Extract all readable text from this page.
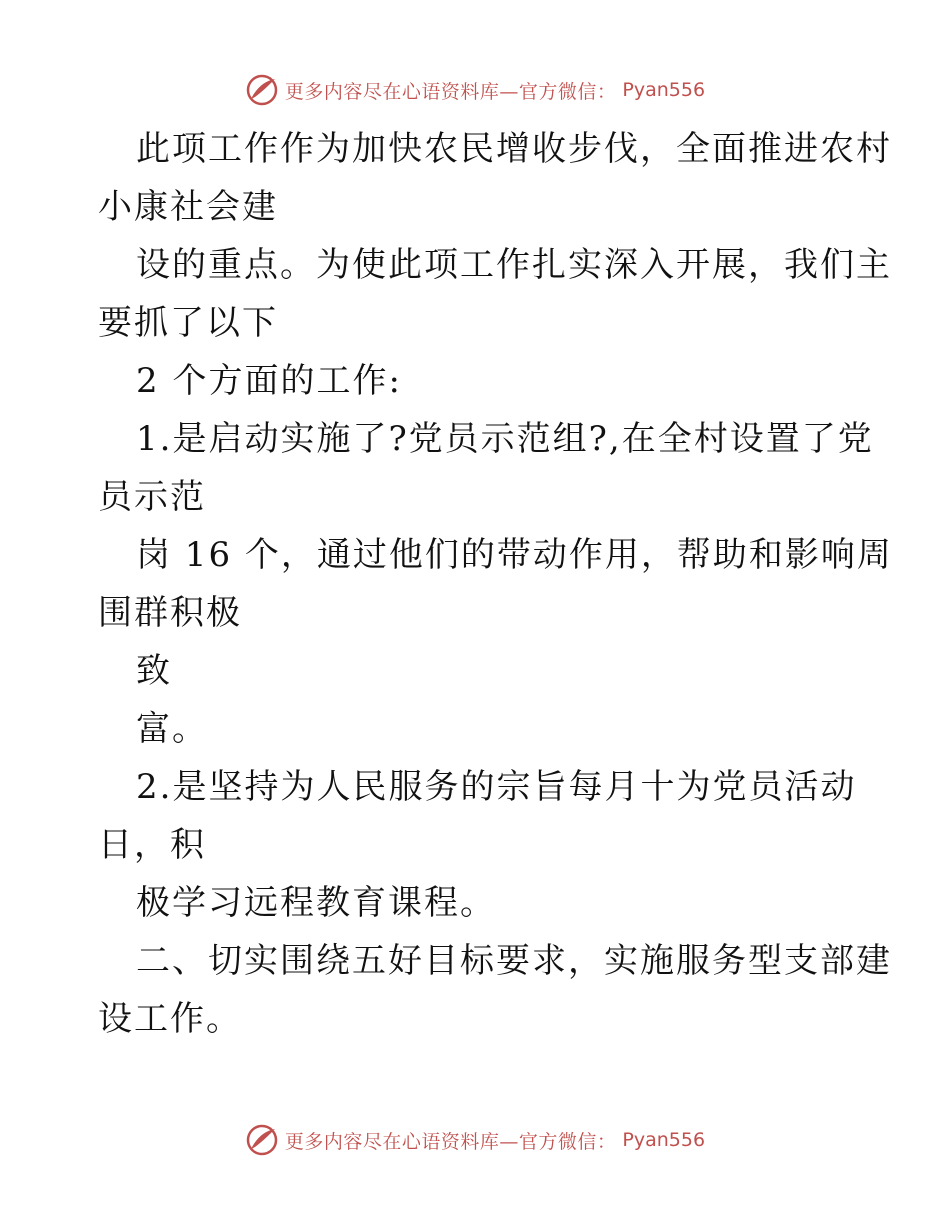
更多内容尽在心语资料库—官方微信： Pyan556
此项工作作为加快农民增收步伐，全面推进农村
小康社会建
设的重点。为使此项工作扎实深入开展，我们主
要抓了以下
2 个方面的工作:
1.是启动实施了?党员示范组?,在全村设置了党
员示范
岗 16 个，通过他们的带动作用，帮助和影响周
围群积极
致
富。
2.是坚持为人民服务的宗旨每月十为党员活动
日，积
极学习远程教育课程。
二、切实围绕五好目标要求，实施服务型支部建
设工作。
更多内容尽在心语资料库—官方微信： Pyan556
